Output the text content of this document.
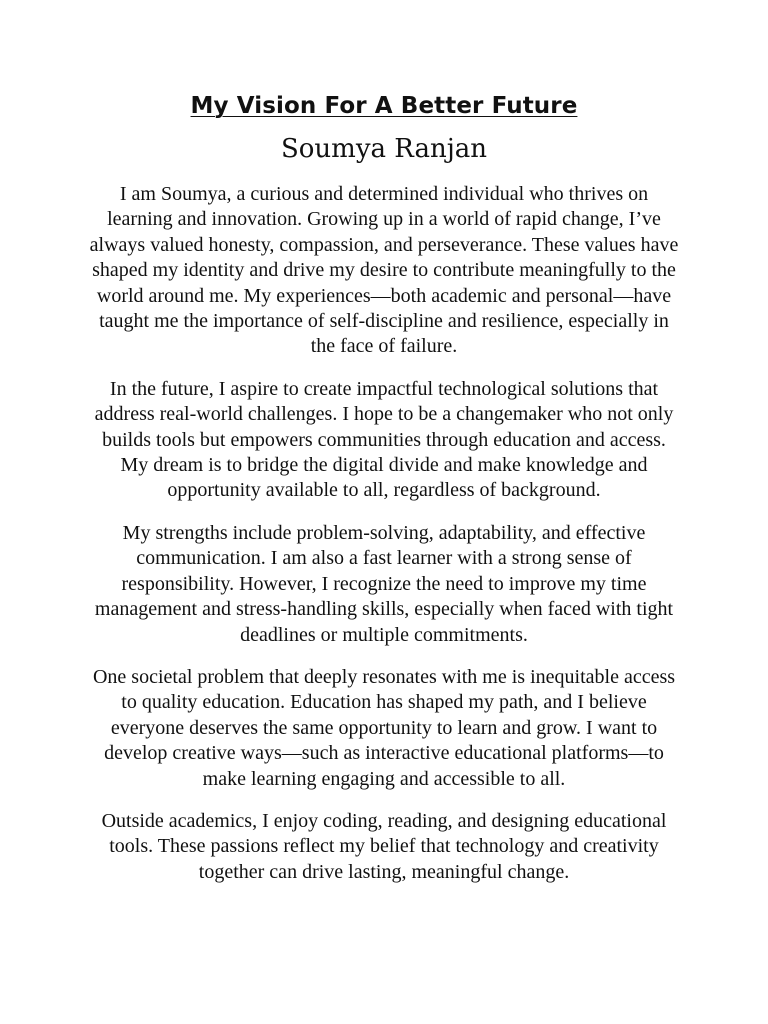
My Vision For A Better Future
Soumya Ranjan

I am Soumya, a curious and determined individual who thrives on learning and innovation. Growing up in a world of rapid change, I’ve always valued honesty, compassion, and perseverance. These values have shaped my identity and drive my desire to contribute meaningfully to the world around me. My experiences—both academic and personal—have taught me the importance of self-discipline and resilience, especially in the face of failure.

In the future, I aspire to create impactful technological solutions that address real-world challenges. I hope to be a changemaker who not only builds tools but empowers communities through education and access. My dream is to bridge the digital divide and make knowledge and opportunity available to all, regardless of background.

My strengths include problem-solving, adaptability, and effective communication. I am also a fast learner with a strong sense of responsibility. However, I recognize the need to improve my time management and stress-handling skills, especially when faced with tight deadlines or multiple commitments.

One societal problem that deeply resonates with me is inequitable access to quality education. Education has shaped my path, and I believe everyone deserves the same opportunity to learn and grow. I want to develop creative ways—such as interactive educational platforms—to make learning engaging and accessible to all.

Outside academics, I enjoy coding, reading, and designing educational tools. These passions reflect my belief that technology and creativity together can drive lasting, meaningful change.
